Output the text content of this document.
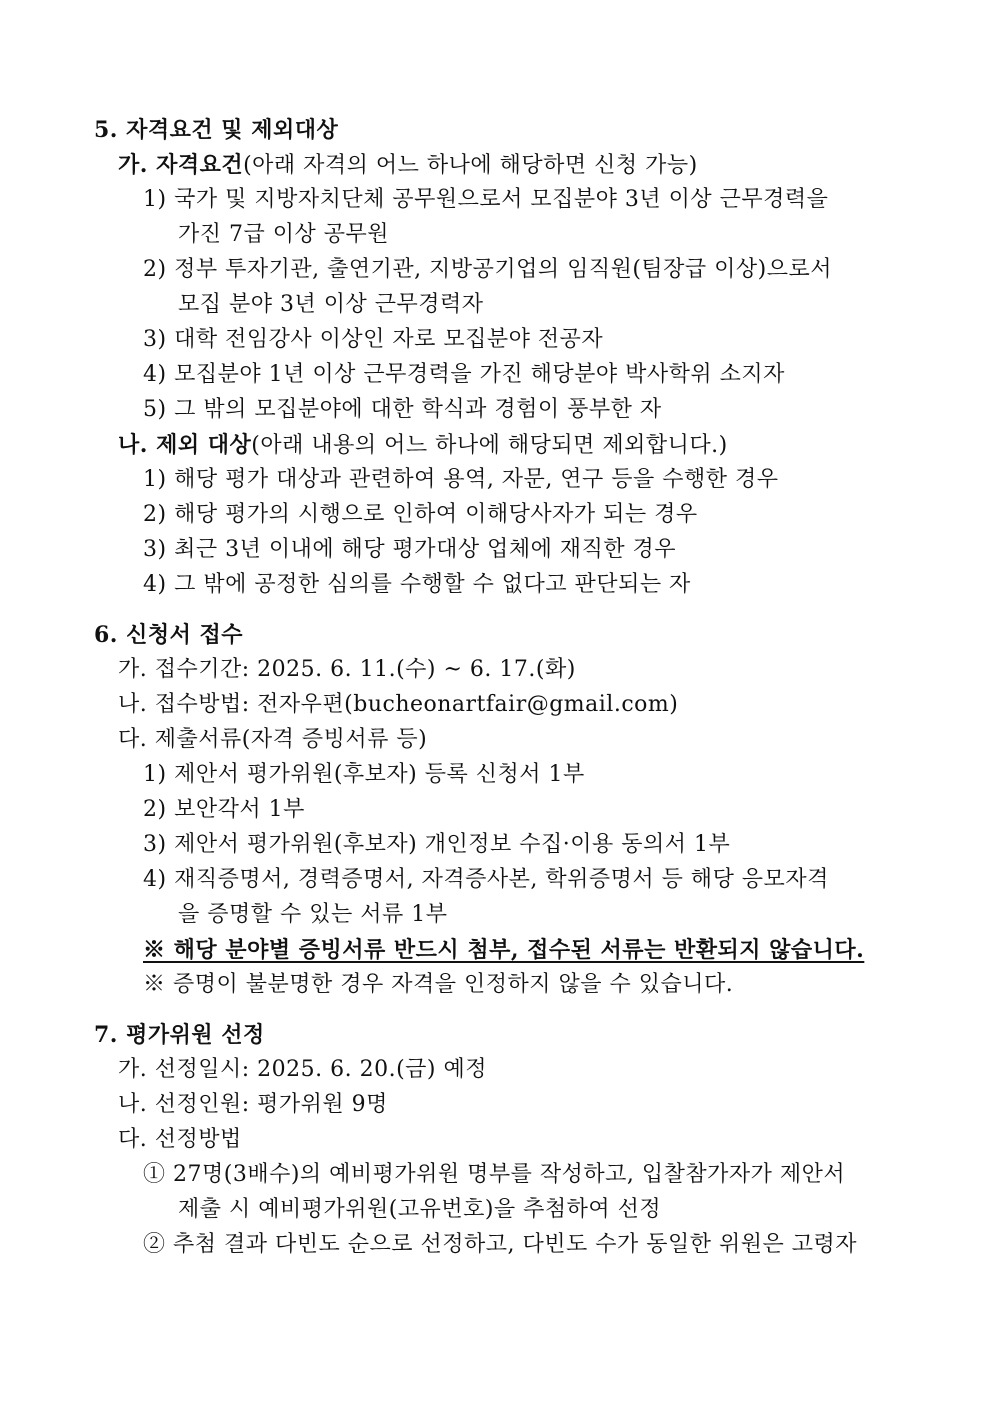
5. 자격요건 및 제외대상
가. 자격요건(아래 자격의 어느 하나에 해당하면 신청 가능)
1) 국가 및 지방자치단체 공무원으로서 모집분야 3년 이상 근무경력을
가진 7급 이상 공무원
2) 정부 투자기관, 출연기관, 지방공기업의 임직원(팀장급 이상)으로서
모집 분야 3년 이상 근무경력자
3) 대학 전임강사 이상인 자로 모집분야 전공자
4) 모집분야 1년 이상 근무경력을 가진 해당분야 박사학위 소지자
5) 그 밖의 모집분야에 대한 학식과 경험이 풍부한 자
나. 제외 대상(아래 내용의 어느 하나에 해당되면 제외합니다.)
1) 해당 평가 대상과 관련하여 용역, 자문, 연구 등을 수행한 경우
2) 해당 평가의 시행으로 인하여 이해당사자가 되는 경우
3) 최근 3년 이내에 해당 평가대상 업체에 재직한 경우
4) 그 밖에 공정한 심의를 수행할 수 없다고 판단되는 자
6. 신청서 접수
가. 접수기간: 2025. 6. 11.(수) ~ 6. 17.(화)
나. 접수방법: 전자우편(bucheonartfair@gmail.com)
다. 제출서류(자격 증빙서류 등)
1) 제안서 평가위원(후보자) 등록 신청서 1부
2) 보안각서 1부
3) 제안서 평가위원(후보자) 개인정보 수집·이용 동의서 1부
4) 재직증명서, 경력증명서, 자격증사본, 학위증명서 등 해당 응모자격
을 증명할 수 있는 서류 1부
※ 해당 분야별 증빙서류 반드시 첨부, 접수된 서류는 반환되지 않습니다.
※ 증명이 불분명한 경우 자격을 인정하지 않을 수 있습니다.
7. 평가위원 선정
가. 선정일시: 2025. 6. 20.(금) 예정
나. 선정인원: 평가위원 9명
다. 선정방법
① 27명(3배수)의 예비평가위원 명부를 작성하고, 입찰참가자가 제안서
제출 시 예비평가위원(고유번호)을 추첨하여 선정
② 추첨 결과 다빈도 순으로 선정하고, 다빈도 수가 동일한 위원은 고령자
